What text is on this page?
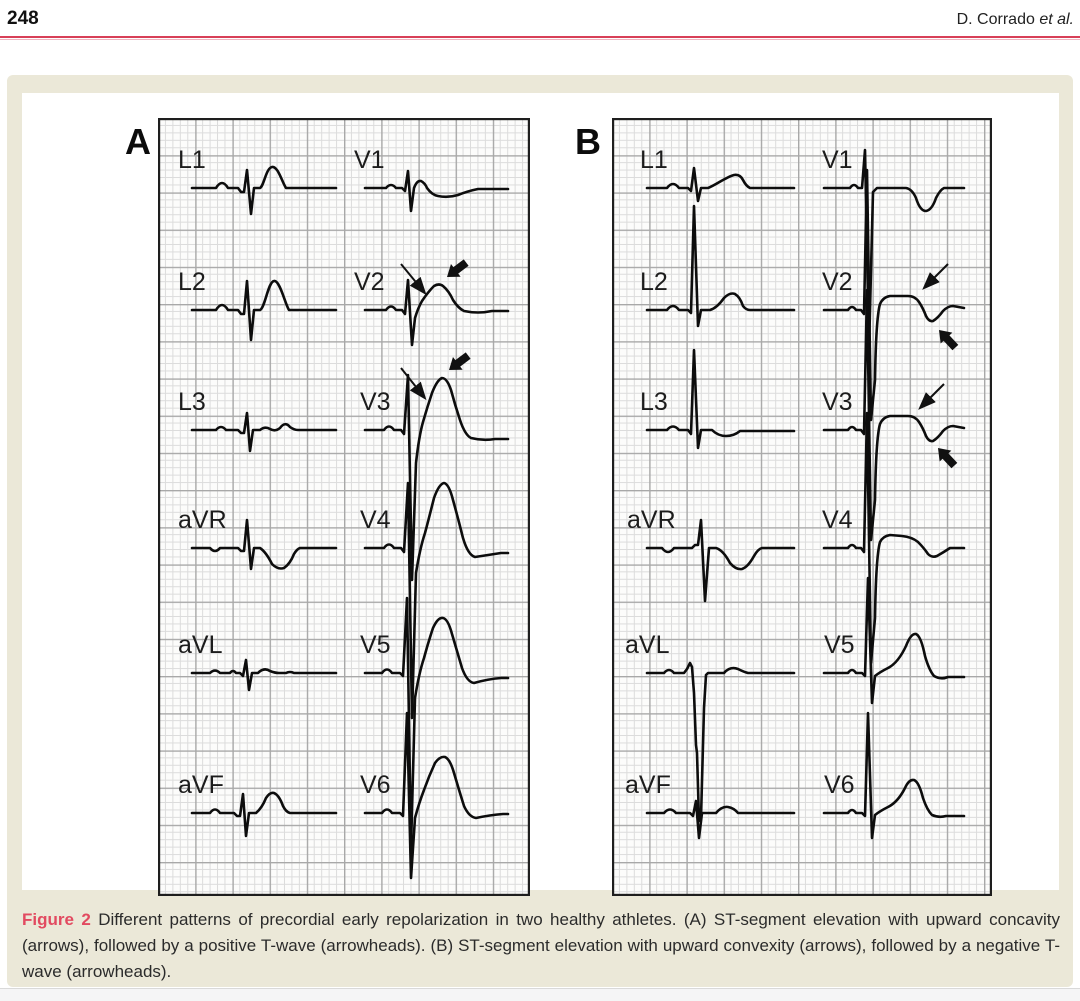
248	D. Corrado et al.
A	B
L1	V1
L2	V2
L3	V3
aVR	V4
aVL	V5
aVF	V6
L1	V1
L2	V2
L3	V3
aVR	V4
aVL	V5
aVF	V6
Figure 2 Different patterns of precordial early repolarization in two healthy athletes. (A) ST-segment elevation with upward concavity (arrows), followed by a positive T-wave (arrowheads). (B) ST-segment elevation with upward convexity (arrows), followed by a negative T-wave (arrowheads).
